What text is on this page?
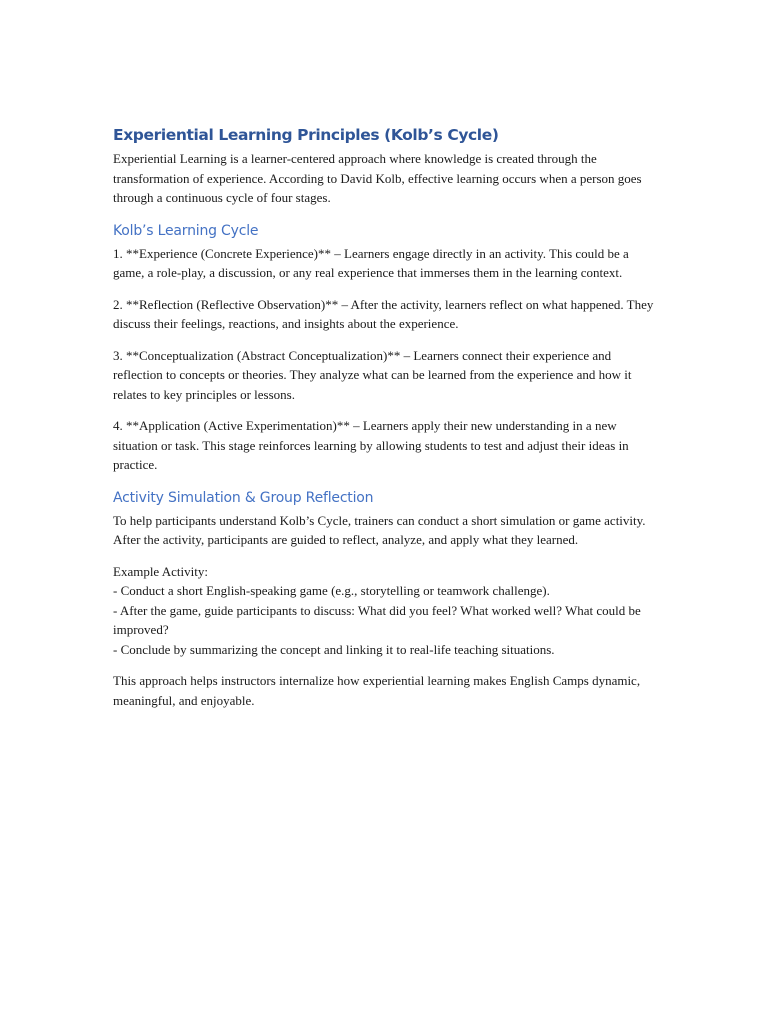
Experiential Learning Principles (Kolb’s Cycle)

Experiential Learning is a learner-centered approach where knowledge is created through the transformation of experience. According to David Kolb, effective learning occurs when a person goes through a continuous cycle of four stages.

Kolb’s Learning Cycle

1. **Experience (Concrete Experience)** – Learners engage directly in an activity. This could be a game, a role-play, a discussion, or any real experience that immerses them in the learning context.

2. **Reflection (Reflective Observation)** – After the activity, learners reflect on what happened. They discuss their feelings, reactions, and insights about the experience.

3. **Conceptualization (Abstract Conceptualization)** – Learners connect their experience and reflection to concepts or theories. They analyze what can be learned from the experience and how it relates to key principles or lessons.

4. **Application (Active Experimentation)** – Learners apply their new understanding in a new situation or task. This stage reinforces learning by allowing students to test and adjust their ideas in practice.

Activity Simulation & Group Reflection

To help participants understand Kolb’s Cycle, trainers can conduct a short simulation or game activity. After the activity, participants are guided to reflect, analyze, and apply what they learned.

Example Activity:
- Conduct a short English-speaking game (e.g., storytelling or teamwork challenge).
- After the game, guide participants to discuss: What did you feel? What worked well? What could be improved?
- Conclude by summarizing the concept and linking it to real-life teaching situations.

This approach helps instructors internalize how experiential learning makes English Camps dynamic, meaningful, and enjoyable.
